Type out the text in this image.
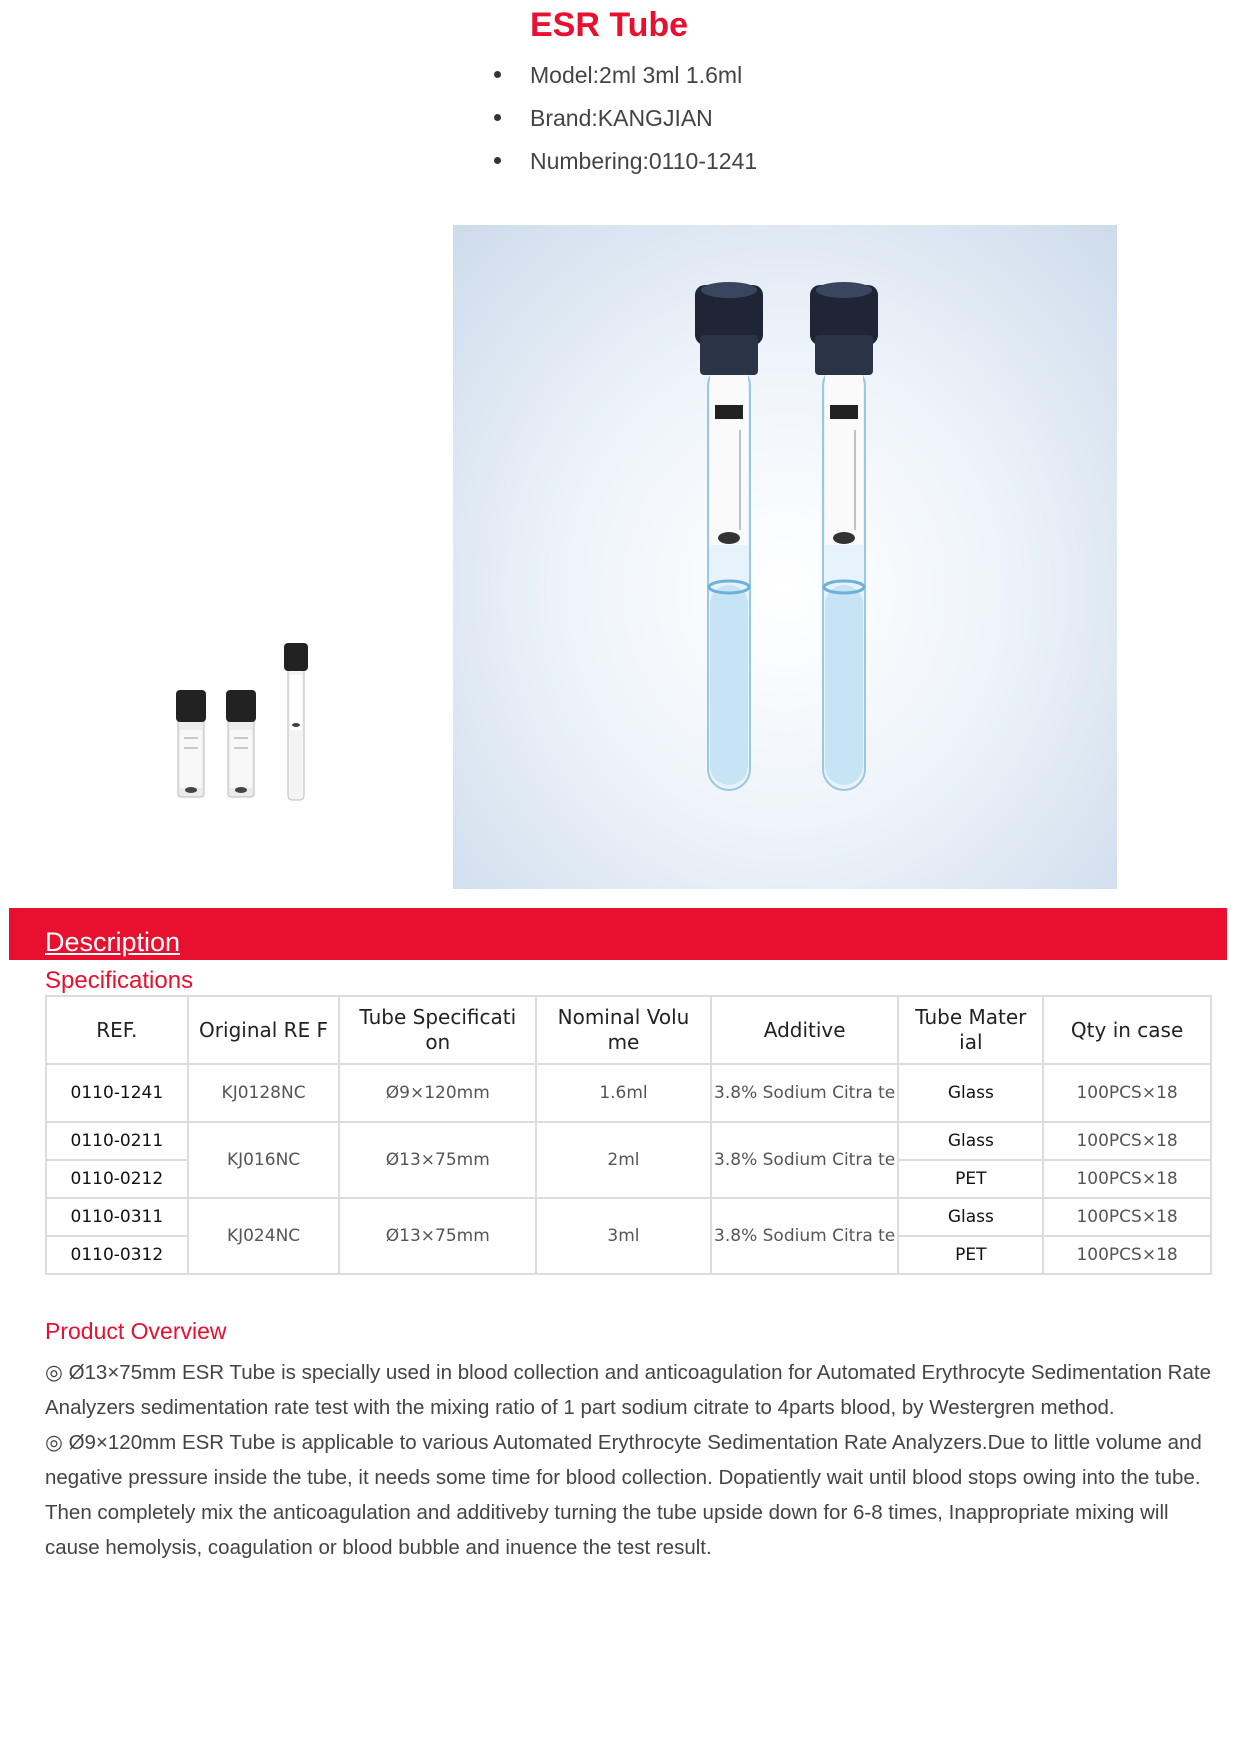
ESR Tube
Model:2ml 3ml 1.6ml
Brand:KANGJIAN
Numbering:0110-1241
Description
Specifications
REF.	Original RE F	Tube Specificati on	Nominal Volu me	Additive	Tube Mater ial	Qty in case
0110-1241	KJ0128NC	Ø9×120mm	1.6ml	3.8% Sodium Citra te	Glass	100PCS×18
0110-0211	KJ016NC	Ø13×75mm	2ml	3.8% Sodium Citra te	Glass	100PCS×18
0110-0212					PET	100PCS×18
0110-0311	KJ024NC	Ø13×75mm	3ml	3.8% Sodium Citra te	Glass	100PCS×18
0110-0312					PET	100PCS×18
Product Overview

◎ Ø13×75mm ESR Tube is specially used in blood collection and anticoagulation for Automated Erythrocyte Sedimentation Rate Analyzers sedimentation rate test with the mixing ratio of 1 part sodium citrate to 4parts blood, by Westergren method.

◎ Ø9×120mm ESR Tube is applicable to various Automated Erythrocyte Sedimentation Rate Analyzers.Due to little volume and negative pressure inside the tube, it needs some time for blood collection. Dopatiently wait until blood stops owing into the tube. Then completely mix the anticoagulation and additiveby turning the tube upside down for 6-8 times, Inappropriate mixing will cause hemolysis, coagulation or blood bubble and inuence the test result.
